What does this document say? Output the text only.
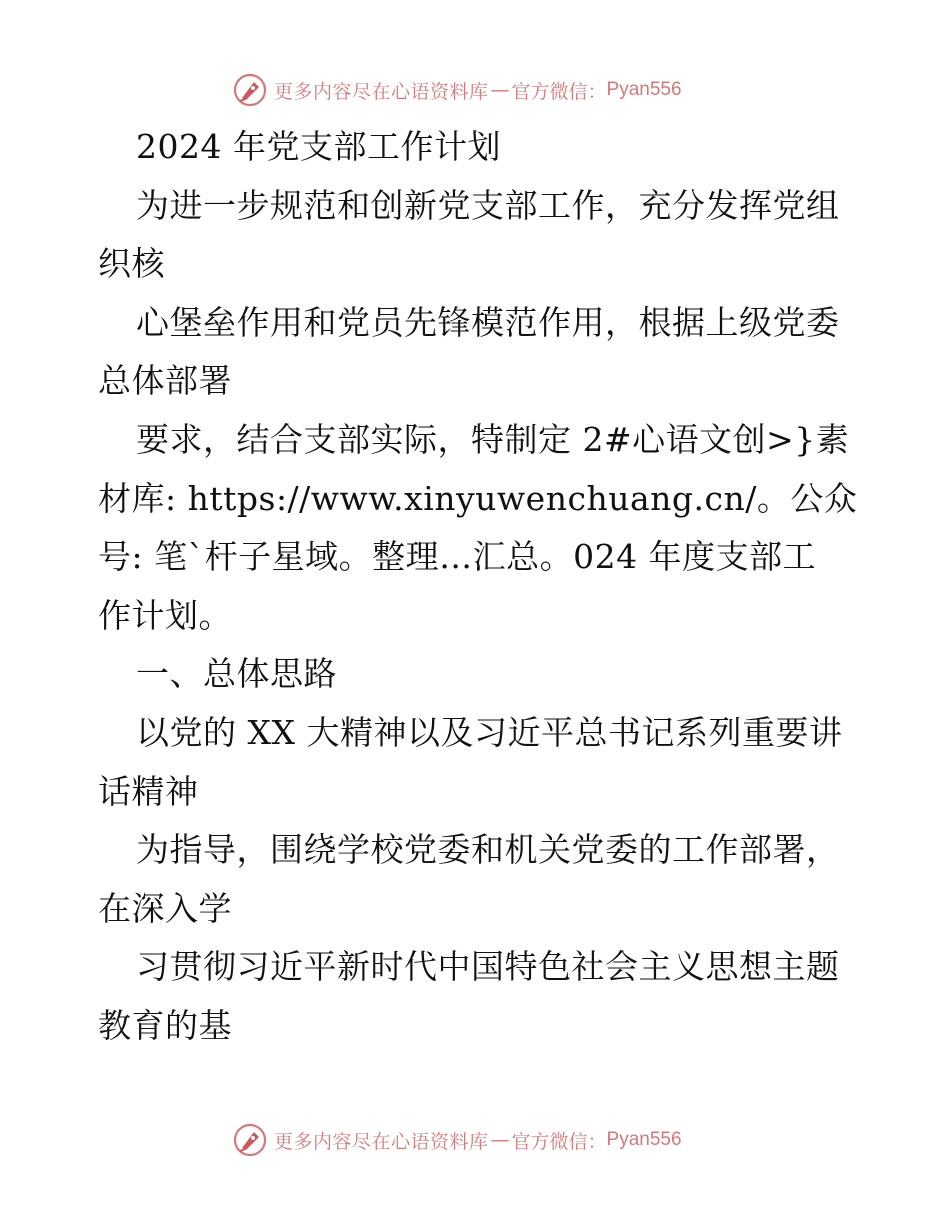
更多内容尽在心语资料库 — 官方微信： Pyan556
2024 年党支部工作计划
为进一步规范和创新党支部工作，充分发挥党组
织核
心堡垒作用和党员先锋模范作用，根据上级党委
总体部署
要求，结合支部实际，特制定 2#心语文创>}素
材库: https://www.xinyuwenchuang.cn/。公众
号: 笔`杆子星域。整理…汇总。024 年度支部工
作计划。
一、总体思路
以党的 XX 大精神以及习近平总书记系列重要讲
话精神
为指导，围绕学校党委和机关党委的工作部署，
在深入学
习贯彻习近平新时代中国特色社会主义思想主题
教育的基
更多内容尽在心语资料库 — 官方微信： Pyan556
